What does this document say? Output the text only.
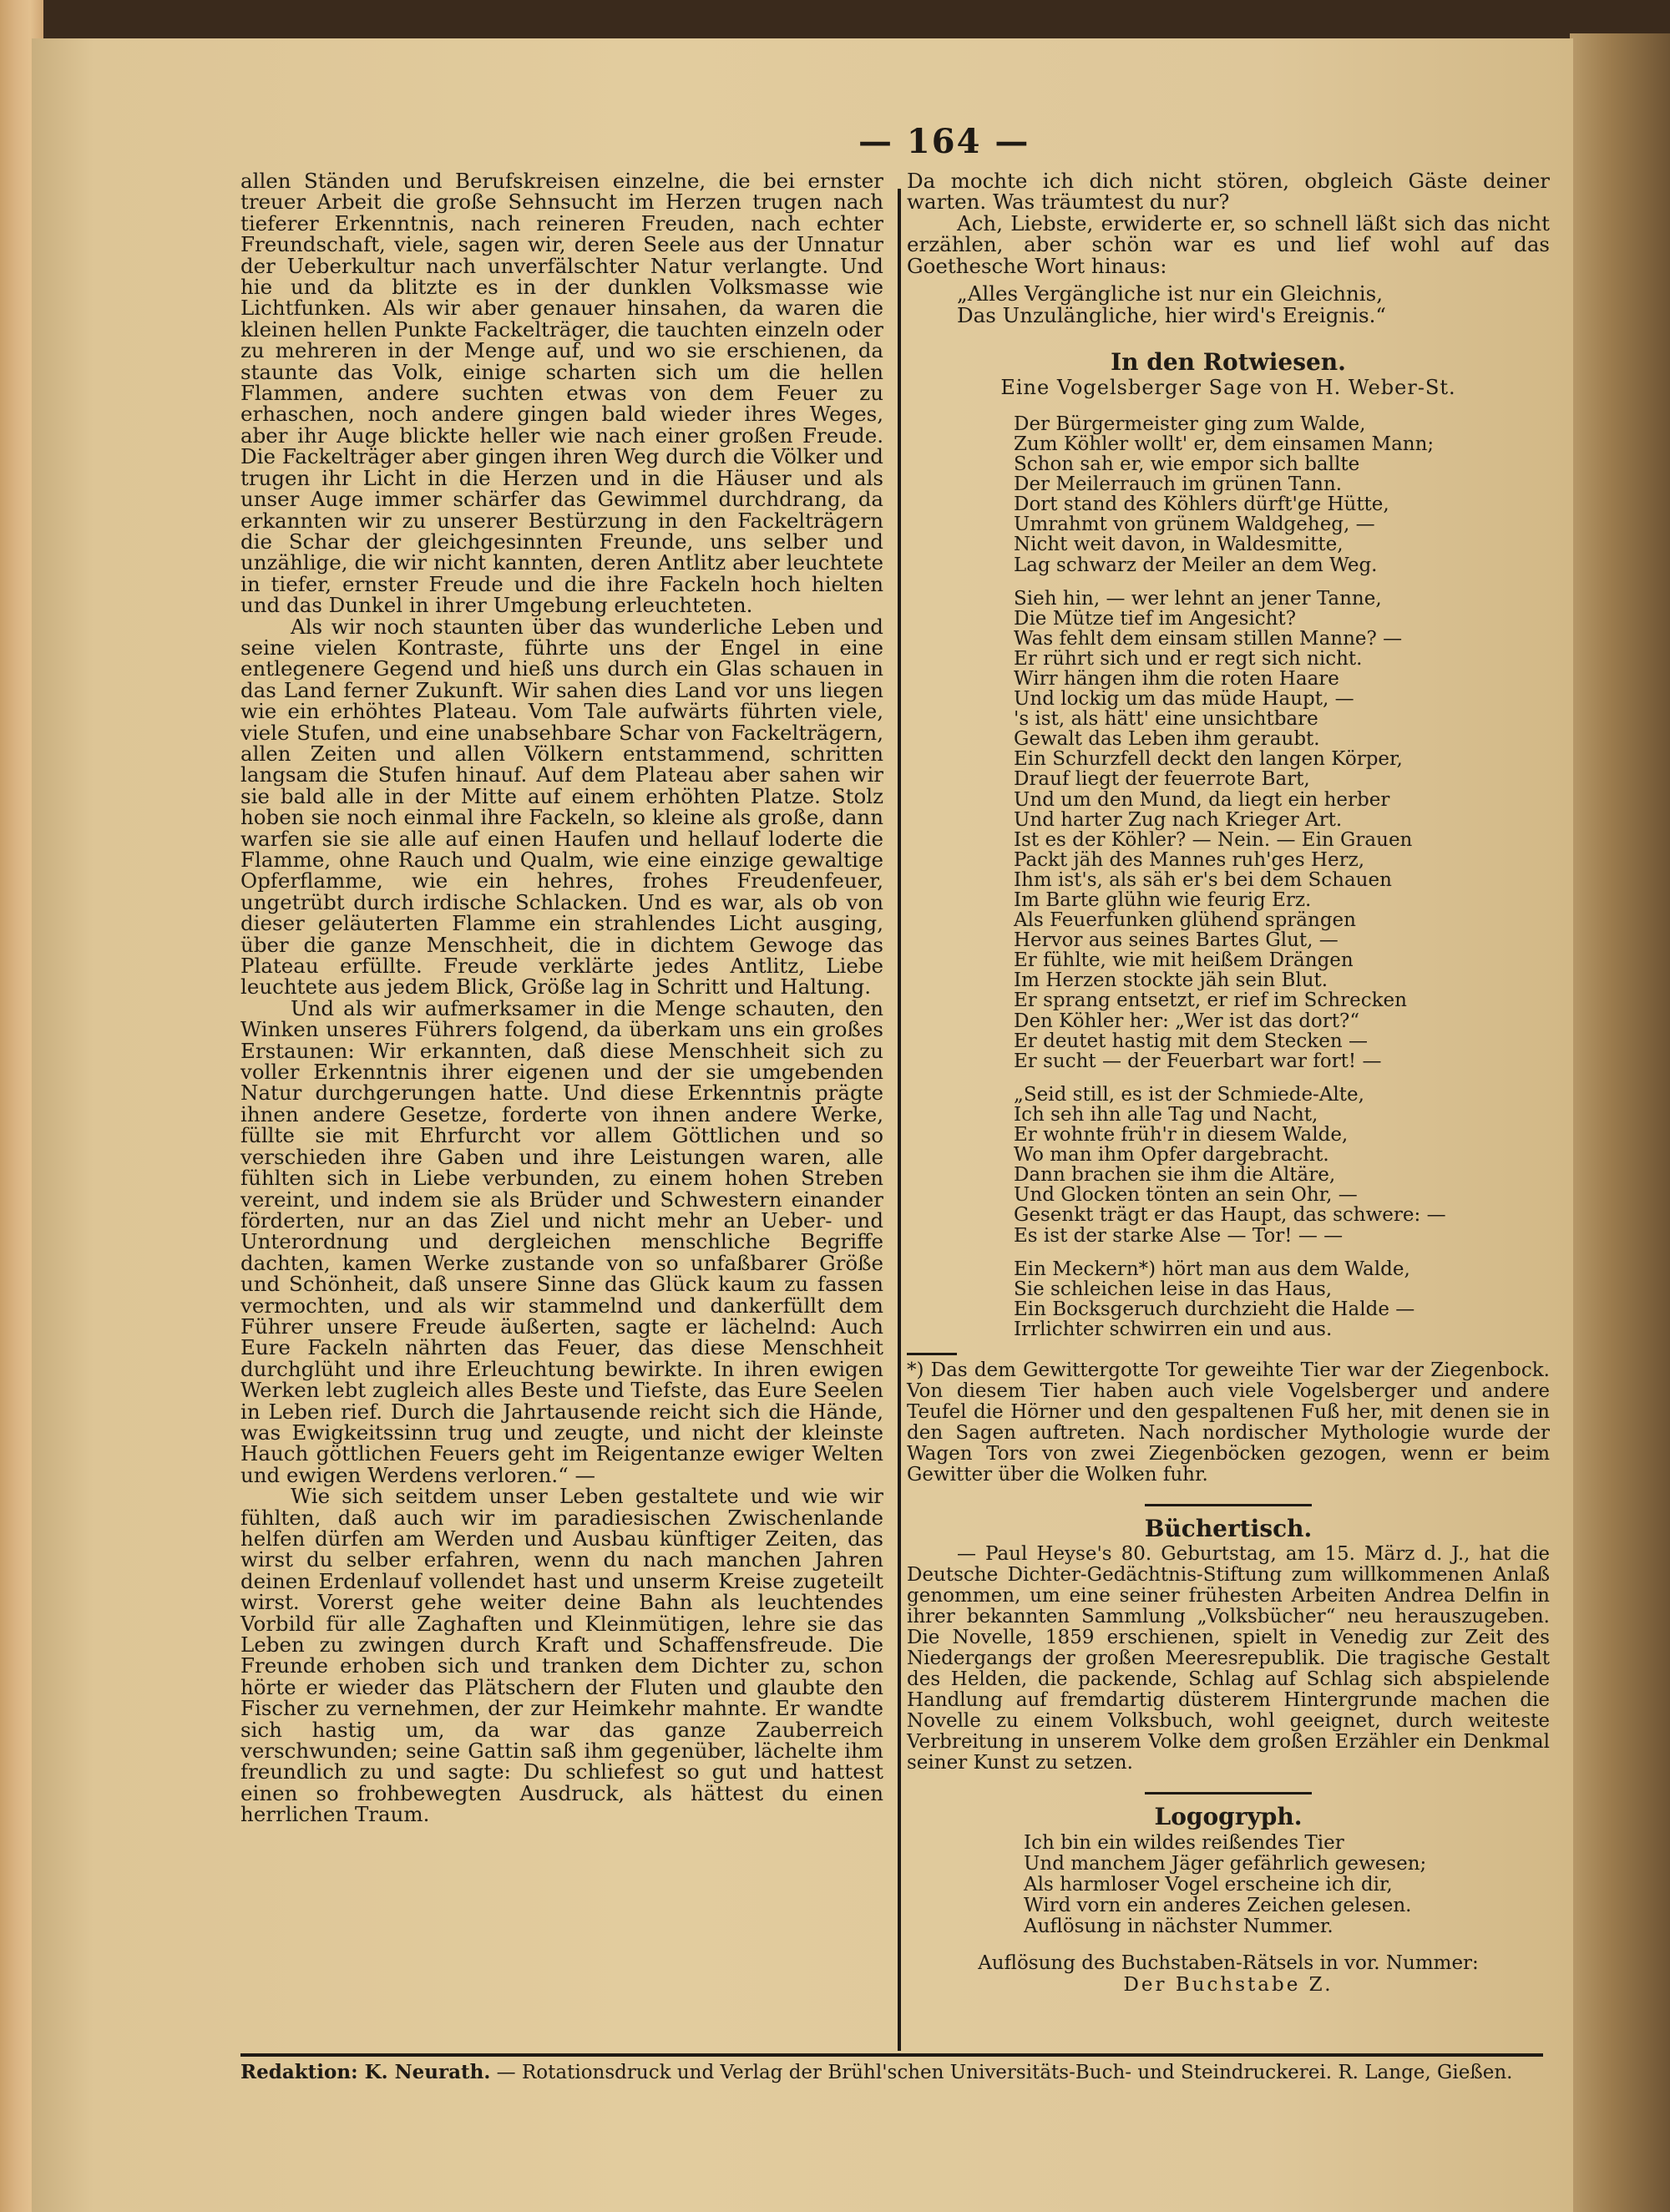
— 164 —

allen Ständen und Berufskreisen einzelne, die bei ernster treuer Arbeit die große Sehnsucht im Herzen trugen nach tieferer Erkenntnis, nach reineren Freuden, nach echter Freundschaft, viele, sagen wir, deren Seele aus der Unnatur der Ueberkultur nach unverfälschter Natur verlangte. Und hie und da blitzte es in der dunklen Volksmasse wie Lichtfunken. Als wir aber genauer hinsahen, da waren die kleinen hellen Punkte Fackelträger, die tauchten einzeln oder zu mehreren in der Menge auf, und wo sie erschienen, da staunte das Volk, einige scharten sich um die hellen Flammen, andere suchten etwas von dem Feuer zu erhaschen, noch andere gingen bald wieder ihres Weges, aber ihr Auge blickte heller wie nach einer großen Freude. Die Fackelträger aber gingen ihren Weg durch die Völker und trugen ihr Licht in die Herzen und in die Häuser und als unser Auge immer schärfer das Gewimmel durchdrang, da erkannten wir zu unserer Bestürzung in den Fackelträgern die Schar der gleichgesinnten Freunde, uns selber und unzählige, die wir nicht kannten, deren Antlitz aber leuchtete in tiefer, ernster Freude und die ihre Fackeln hoch hielten und das Dunkel in ihrer Umgebung erleuchteten.

Als wir noch staunten über das wunderliche Leben und seine vielen Kontraste, führte uns der Engel in eine entlegenere Gegend und hieß uns durch ein Glas schauen in das Land ferner Zukunft. Wir sahen dies Land vor uns liegen wie ein erhöhtes Plateau. Vom Tale aufwärts führten viele, viele Stufen, und eine unabsehbare Schar von Fackelträgern, allen Zeiten und allen Völkern entstammend, schritten langsam die Stufen hinauf. Auf dem Plateau aber sahen wir sie bald alle in der Mitte auf einem erhöhten Platze. Stolz hoben sie noch einmal ihre Fackeln, so kleine als große, dann warfen sie sie alle auf einen Haufen und hellauf loderte die Flamme, ohne Rauch und Qualm, wie eine einzige gewaltige Opferflamme, wie ein hehres, frohes Freudenfeuer, ungetrübt durch irdische Schlacken. Und es war, als ob von dieser geläuterten Flamme ein strahlendes Licht ausging, über die ganze Menschheit, die in dichtem Gewoge das Plateau erfüllte. Freude verklärte jedes Antlitz, Liebe leuchtete aus jedem Blick, Größe lag in Schritt und Haltung.

Und als wir aufmerksamer in die Menge schauten, den Winken unseres Führers folgend, da überkam uns ein großes Erstaunen: Wir erkannten, daß diese Menschheit sich zu voller Erkenntnis ihrer eigenen und der sie umgebenden Natur durchgerungen hatte. Und diese Erkenntnis prägte ihnen andere Gesetze, forderte von ihnen andere Werke, füllte sie mit Ehrfurcht vor allem Göttlichen und so verschieden ihre Gaben und ihre Leistungen waren, alle fühlten sich in Liebe verbunden, zu einem hohen Streben vereint, und indem sie als Brüder und Schwestern einander förderten, nur an das Ziel und nicht mehr an Ueber- und Unterordnung und dergleichen menschliche Begriffe dachten, kamen Werke zustande von so unfaßbarer Größe und Schönheit, daß unsere Sinne das Glück kaum zu fassen vermochten, und als wir stammelnd und dankerfüllt dem Führer unsere Freude äußerten, sagte er lächelnd: Auch Eure Fackeln nährten das Feuer, das diese Menschheit durchglüht und ihre Erleuchtung bewirkte. In ihren ewigen Werken lebt zugleich alles Beste und Tiefste, das Eure Seelen in Leben rief. Durch die Jahrtausende reicht sich die Hände, was Ewigkeitssinn trug und zeugte, und nicht der kleinste Hauch göttlichen Feuers geht im Reigentanze ewiger Welten und ewigen Werdens verloren.“ —

Wie sich seitdem unser Leben gestaltete und wie wir fühlten, daß auch wir im paradiesischen Zwischenlande helfen dürfen am Werden und Ausbau künftiger Zeiten, das wirst du selber erfahren, wenn du nach manchen Jahren deinen Erdenlauf vollendet hast und unserm Kreise zugeteilt wirst. Vorerst gehe weiter deine Bahn als leuchtendes Vorbild für alle Zaghaften und Kleinmütigen, lehre sie das Leben zu zwingen durch Kraft und Schaffensfreude. Die Freunde erhoben sich und tranken dem Dichter zu, schon hörte er wieder das Plätschern der Fluten und glaubte den Fischer zu vernehmen, der zur Heimkehr mahnte. Er wandte sich hastig um, da war das ganze Zauberreich verschwunden; seine Gattin saß ihm gegenüber, lächelte ihm freundlich zu und sagte: Du schliefest so gut und hattest einen so frohbewegten Ausdruck, als hättest du einen herrlichen Traum.

Da mochte ich dich nicht stören, obgleich Gäste deiner warten. Was träumtest du nur?

Ach, Liebste, erwiderte er, so schnell läßt sich das nicht erzählen, aber schön war es und lief wohl auf das Goethesche Wort hinaus:

„Alles Vergängliche ist nur ein Gleichnis,
Das Unzulängliche, hier wird's Ereignis.“
In den Rotwiesen.
Eine Vogelsberger Sage von H. Weber-St.
Der Bürgermeister ging zum Walde,
Zum Köhler wollt' er, dem einsamen Mann;
Schon sah er, wie empor sich ballte
Der Meilerrauch im grünen Tann.
Dort stand des Köhlers dürft'ge Hütte,
Umrahmt von grünem Waldgeheg, —
Nicht weit davon, in Waldesmitte,
Lag schwarz der Meiler an dem Weg.
Sieh hin, — wer lehnt an jener Tanne,
Die Mütze tief im Angesicht?
Was fehlt dem einsam stillen Manne? —
Er rührt sich und er regt sich nicht.
Wirr hängen ihm die roten Haare
Und lockig um das müde Haupt, —
's ist, als hätt' eine unsichtbare
Gewalt das Leben ihm geraubt.
Ein Schurzfell deckt den langen Körper,
Drauf liegt der feuerrote Bart,
Und um den Mund, da liegt ein herber
Und harter Zug nach Krieger Art.
Ist es der Köhler? — Nein. — Ein Grauen
Packt jäh des Mannes ruh'ges Herz,
Ihm ist's, als säh er's bei dem Schauen
Im Barte glühn wie feurig Erz.
Als Feuerfunken glühend sprängen
Hervor aus seines Bartes Glut, —
Er fühlte, wie mit heißem Drängen
Im Herzen stockte jäh sein Blut.
Er sprang entsetzt, er rief im Schrecken
Den Köhler her: „Wer ist das dort?“
Er deutet hastig mit dem Stecken —
Er sucht — der Feuerbart war fort! —
„Seid still, es ist der Schmiede-Alte,
Ich seh ihn alle Tag und Nacht,
Er wohnte früh'r in diesem Walde,
Wo man ihm Opfer dargebracht.
Dann brachen sie ihm die Altäre,
Und Glocken tönten an sein Ohr, —
Gesenkt trägt er das Haupt, das schwere: —
Es ist der starke Alse — Tor! — —
Ein Meckern*) hört man aus dem Walde,
Sie schleichen leise in das Haus,
Ein Bocksgeruch durchzieht die Halde —
Irrlichter schwirren ein und aus.
*) Das dem Gewittergotte Tor geweihte Tier war der Ziegenbock. Von diesem Tier haben auch viele Vogelsberger und andere Teufel die Hörner und den gespaltenen Fuß her, mit denen sie in den Sagen auftreten. Nach nordischer Mythologie wurde der Wagen Tors von zwei Ziegenböcken gezogen, wenn er beim Gewitter über die Wolken fuhr.
Büchertisch.
— Paul Heyse's 80. Geburtstag, am 15. März d. J., hat die Deutsche Dichter-Gedächtnis-Stiftung zum willkommenen Anlaß genommen, um eine seiner frühesten Arbeiten Andrea Delfin in ihrer bekannten Sammlung „Volksbücher“ neu herauszugeben. Die Novelle, 1859 erschienen, spielt in Venedig zur Zeit des Niedergangs der großen Meeresrepublik. Die tragische Gestalt des Helden, die packende, Schlag auf Schlag sich abspielende Handlung auf fremdartig düsterem Hintergrunde machen die Novelle zu einem Volksbuch, wohl geeignet, durch weiteste Verbreitung in unserem Volke dem großen Erzähler ein Denkmal seiner Kunst zu setzen.
Logogryph.
Ich bin ein wildes reißendes Tier
Und manchem Jäger gefährlich gewesen;
Als harmloser Vogel erscheine ich dir,
Wird vorn ein anderes Zeichen gelesen.
Auflösung in nächster Nummer.
Auflösung des Buchstaben-Rätsels in vor. Nummer:
Der Buchstabe Z.
Redaktion: K. Neurath. — Rotationsdruck und Verlag der Brühl'schen Universitäts-Buch- und Steindruckerei. R. Lange, Gießen.
